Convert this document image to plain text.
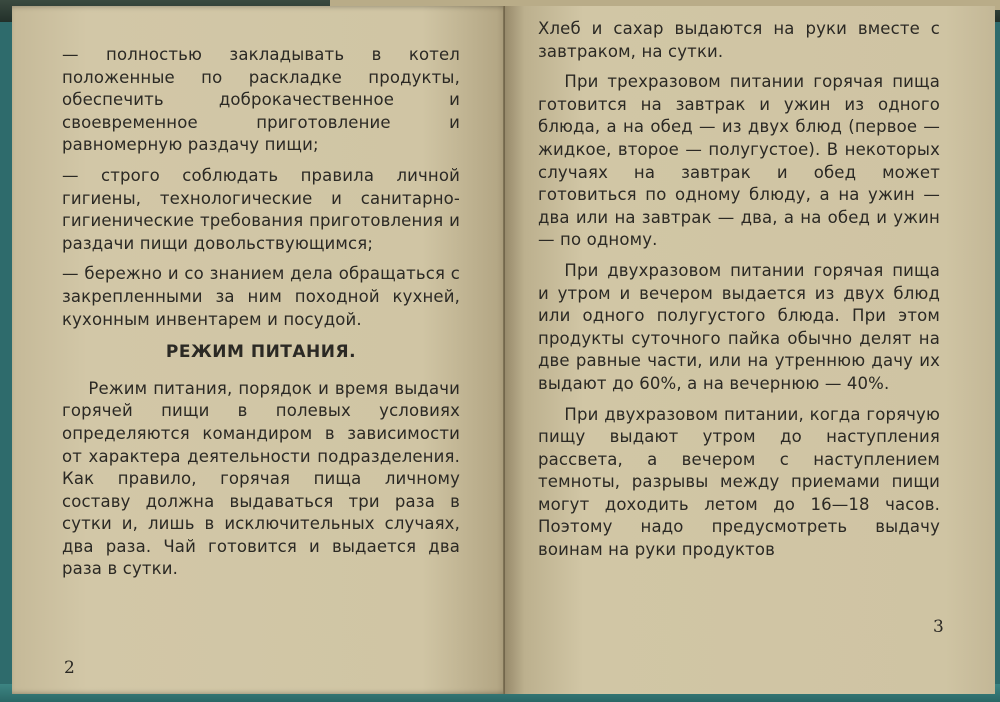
— полностью закладывать в котел положенные по раскладке продукты, обеспечить доброкачественное и своевременное приготовление и равномерную раздачу пищи;

— строго соблюдать правила личной гигиены, технологические и санитарно-гигиенические требования приготовления и раздачи пищи довольствующимся;

— бережно и со знанием дела обращаться с закрепленными за ним походной кухней, кухонным инвентарем и посудой.

РЕЖИМ ПИТАНИЯ.

Режим питания, порядок и время выдачи горячей пищи в полевых условиях определяются командиром в зависимости от характера деятельности подразделения. Как правило, горячая пища личному составу должна выдаваться три раза в сутки и, лишь в исключительных случаях, два раза. Чай готовится и выдается два раза в сутки.

2

Хлеб и сахар выдаются на руки вместе с завтраком, на сутки.

При трехразовом питании горячая пища готовится на завтрак и ужин из одного блюда, а на обед — из двух блюд (первое — жидкое, второе — полугустое). В некоторых случаях на завтрак и обед может готовиться по одному блюду, а на ужин — два или на завтрак — два, а на обед и ужин — по одному.

При двухразовом питании горячая пища и утром и вечером выдается из двух блюд или одного полугустого блюда. При этом продукты суточного пайка обычно делят на две равные части, или на утреннюю дачу их выдают до 60%, а на вечернюю — 40%.

При двухразовом питании, когда горячую пищу выдают утром до наступления рассвета, а вечером с наступлением темноты, разрывы между приемами пищи могут доходить летом до 16—18 часов. Поэтому надо предусмотреть выдачу воинам на руки продуктов

3
